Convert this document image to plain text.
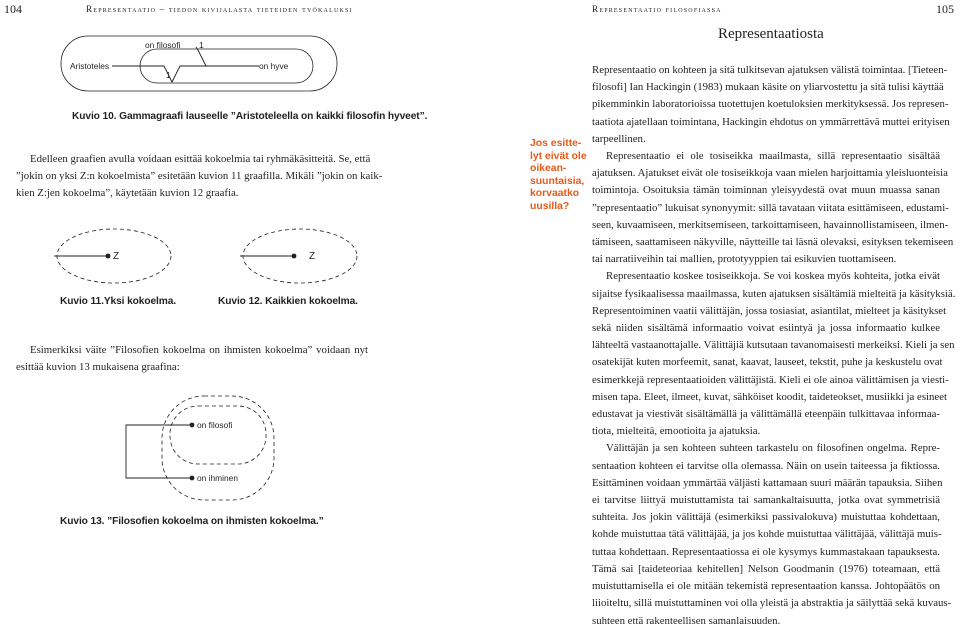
104	Representaatio – tiedon kivijalasta tieteiden työkaluksi
Aristoteles
on filosofi 1
1
on hyve
Kuvio 10. Gammagraafi lauseelle ”Aristoteleella on kaikki filosofin hyveet”.
Edelleen graafien avulla voidaan esittää kokoelmia tai ryhmäkäsitteitä. Se, että
”jokin on yksi Z:n kokoelmista” esitetään kuvion 11 graafilla. Mikäli ”jokin on kaik-
kien Z:jen kokoelma”, käytetään kuvion 12 graafia.
Z
Kuvio 11.Yksi kokoelma.
Z
Kuvio 12. Kaikkien kokoelma.
Esimerkiksi väite ”Filosofien kokoelma on ihmisten kokoelma” voidaan nyt
esittää kuvion 13 mukaisena graafina:
on filosofi
on ihminen
Kuvio 13. ”Filosofien kokoelma on ihmisten kokoelma.”
Jos esitte-
lyt eivät ole
oikean-
suuntaisia,
korvaatko
uusilla?
Representaatio filosofiassa	105
Representaatiosta
Representaatio on kohteen ja sitä tulkitsevan ajatuksen välistä toimintaa. [Tieteen-
filosofi] Ian Hackingin (1983) mukaan käsite on yliarvostettu ja sitä tulisi käyttää
pikemminkin laboratorioissa tuotettujen koetuloksien merkityksessä. Jos represen-
taatiota ajatellaan toimintana, Hackingin ehdotus on ymmärrettävä muttei erityisen
tarpeellinen.
Representaatio ei ole tosiseikka maailmasta, sillä representaatio sisältää
ajatuksen. Ajatukset eivät ole tosiseikkoja vaan mielen harjoittamia yleisluonteisia
toimintoja. Osoituksia tämän toiminnan yleisyydestä ovat muun muassa sanan
”representaatio” lukuisat synonyymit: sillä tavataan viitata esittämiseen, edustami-
seen, kuvaamiseen, merkitsemiseen, tarkoittamiseen, havainnollistamiseen, ilmen-
tämiseen, saattamiseen näkyville, näytteille tai läsnä olevaksi, esityksen tekemiseen
tai narratiiveihin tai mallien, prototyyppien tai esikuvien tuottamiseen.
Representaatio koskee tosiseikkoja. Se voi koskea myös kohteita, jotka eivät
sijaitse fysikaalisessa maailmassa, kuten ajatuksen sisältämiä mielteitä ja käsityksiä.
Representoiminen vaatii välittäjän, jossa tosiasiat, asiantilat, mielteet ja käsitykset
sekä niiden sisältämä informaatio voivat esiintyä ja jossa informaatio kulkee
lähteeltä vastaanottajalle. Välittäjiä kutsutaan tavanomaisesti merkeiksi. Kieli ja sen
osatekijät kuten morfeemit, sanat, kaavat, lauseet, tekstit, puhe ja keskustelu ovat
esimerkkejä representaatioiden välittäjistä. Kieli ei ole ainoa välittämisen ja viesti-
misen tapa. Eleet, ilmeet, kuvat, sähköiset koodit, taideteokset, musiikki ja esineet
edustavat ja viestivät sisältämällä ja välittämällä eteenpäin tulkittavaa informaa-
tiota, mielteitä, emootioita ja ajatuksia.
Välittäjän ja sen kohteen suhteen tarkastelu on filosofinen ongelma. Repre-
sentaation kohteen ei tarvitse olla olemassa. Näin on usein taiteessa ja fiktiossa.
Esittäminen voidaan ymmärtää väljästi kattamaan suuri määrän tapauksia. Siihen
ei tarvitse liittyä muistuttamista tai samankaltaisuutta, jotka ovat symmetrisiä
suhteita. Jos jokin välittäjä (esimerkiksi passivalokuva) muistuttaa kohdettaan,
kohde muistuttaa tätä välittäjää, ja jos kohde muistuttaa välittäjää, välittäjä muis-
tuttaa kohdettaan. Representaatiossa ei ole kysymys kummastakaan tapauksesta.
Tämä sai [taideteoriaa kehitellen] Nelson Goodmanin (1976) toteamaan, että
muistuttamisella ei ole mitään tekemistä representaation kanssa. Johtopäätös on
liioiteltu, sillä muistuttaminen voi olla yleistä ja abstraktia ja säilyttää sekä kuvaus-
suhteen että rakenteellisen samanlaisuuden.
